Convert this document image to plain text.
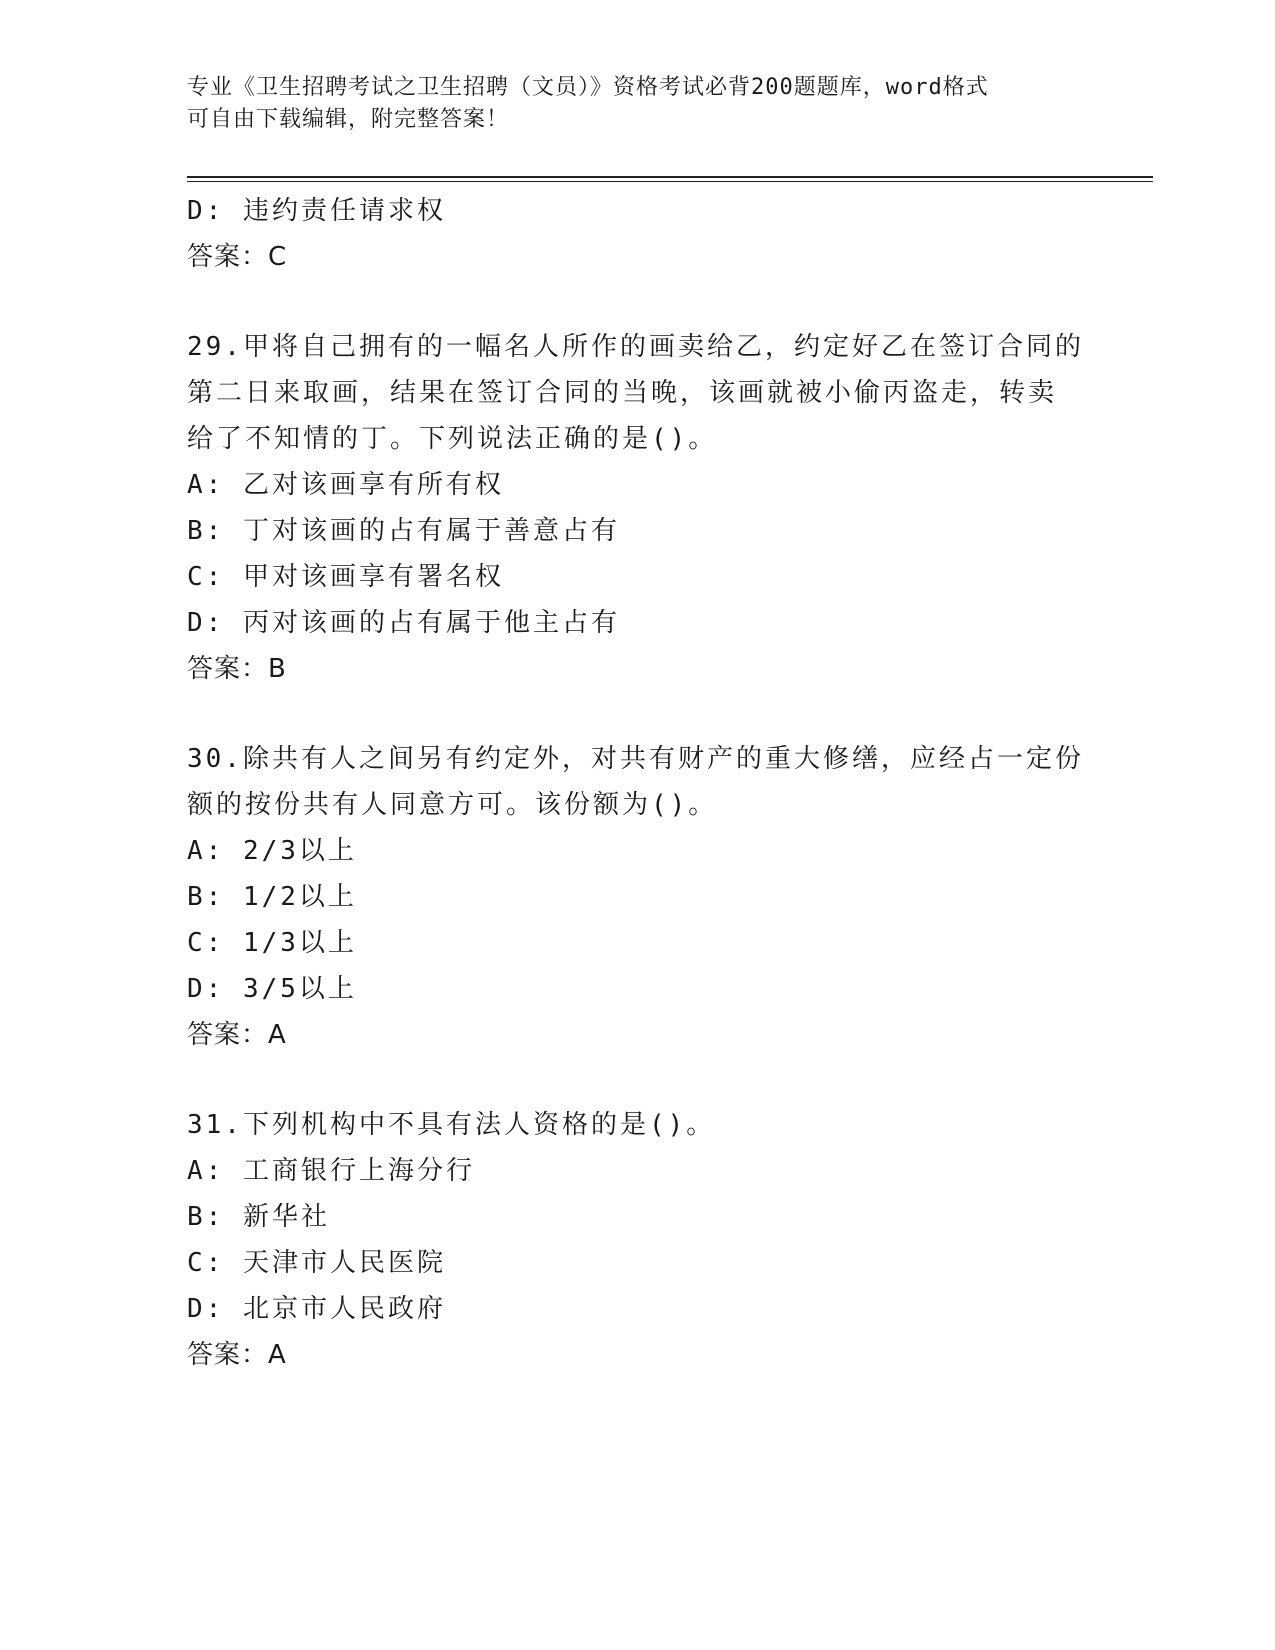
专业《卫生招聘考试之卫生招聘（文员）》资格考试必背200题题库，word格式
可自由下载编辑，附完整答案！
D: 违约责任请求权
答案：C
29.甲将自己拥有的一幅名人所作的画卖给乙，约定好乙在签订合同的
第二日来取画，结果在签订合同的当晚，该画就被小偷丙盗走，转卖
给了不知情的丁。下列说法正确的是()。
A: 乙对该画享有所有权
B: 丁对该画的占有属于善意占有
C: 甲对该画享有署名权
D: 丙对该画的占有属于他主占有
答案：B
30.除共有人之间另有约定外，对共有财产的重大修缮，应经占一定份
额的按份共有人同意方可。该份额为()。
A: 2/3以上
B: 1/2以上
C: 1/3以上
D: 3/5以上
答案：A
31.下列机构中不具有法人资格的是()。
A: 工商银行上海分行
B: 新华社
C: 天津市人民医院
D: 北京市人民政府
答案：A
